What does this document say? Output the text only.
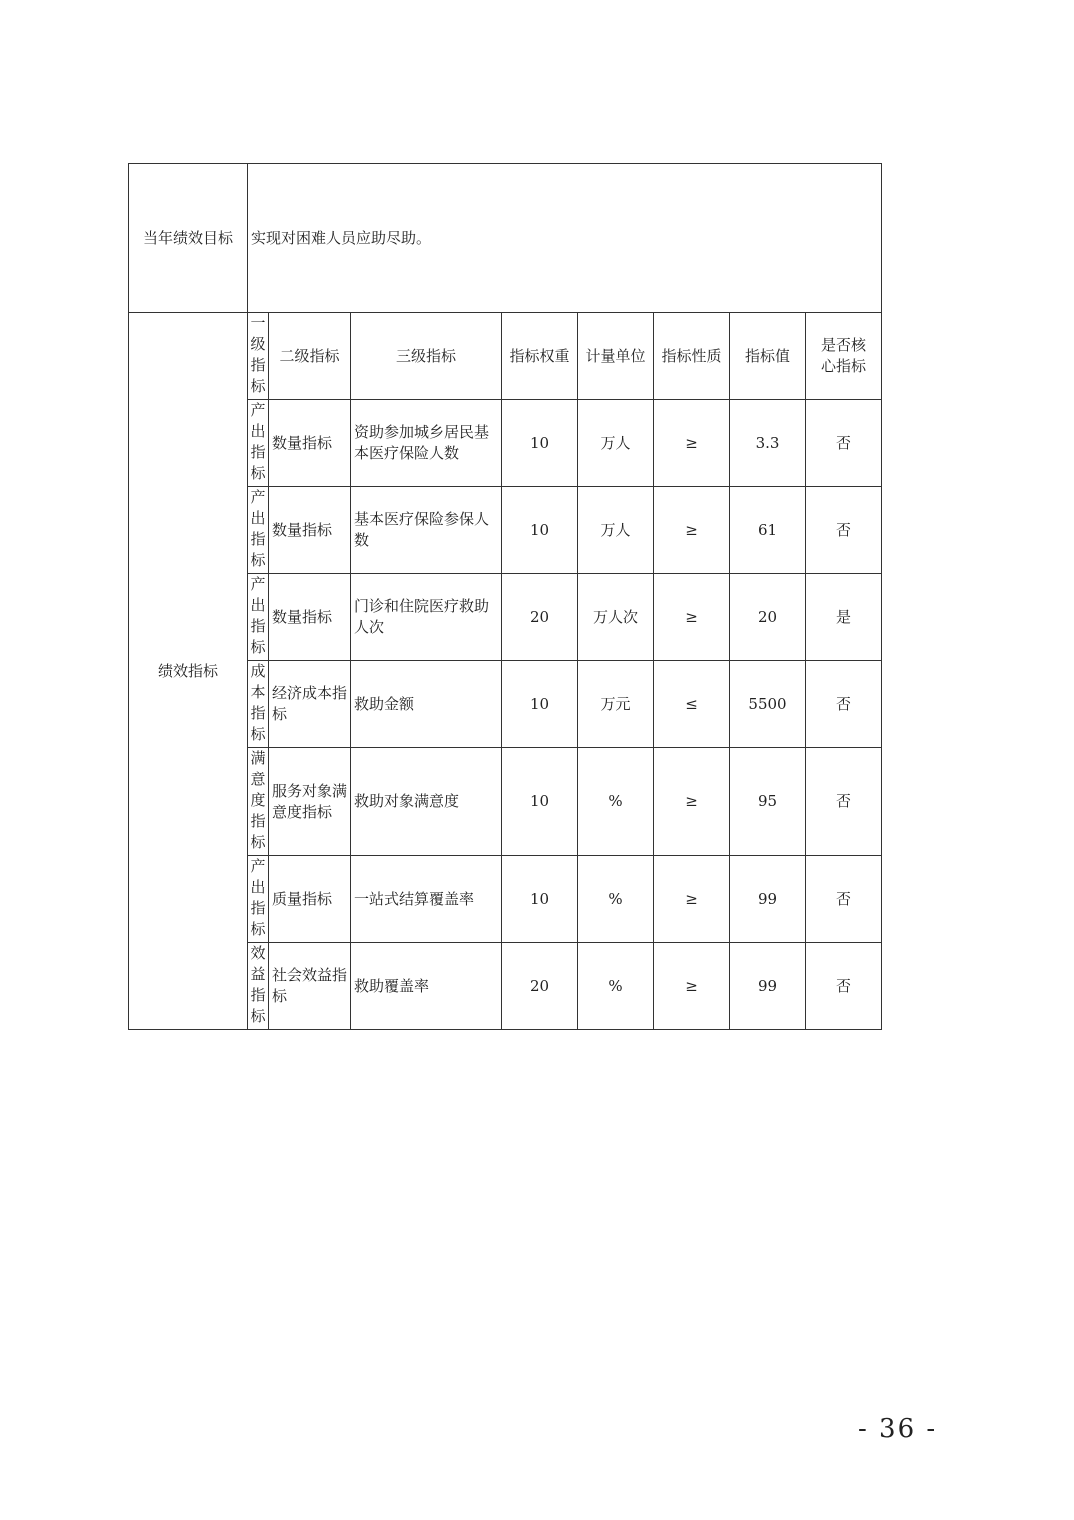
当年绩效目标	实现对困难人员应助尽助。							
绩效指标	一
级
指
标	二级指标	三级指标	指标权重	计量单位	指标性质	指标值	是否核心指标

	产
出
指
标	数量指标	资助参加城乡居民基本医疗保险人数	10	万人	≥	3.3	否

	产
出
指
标	数量指标	基本医疗保险参保人数	10	万人	≥	61	否

	产
出
指
标	数量指标	门诊和住院医疗救助人次	20	万人次	≥	20	是

	成
本
指
标	经济成本指标	救助金额	10	万元	≤	5500	否

	满
意
度
指
标	服务对象满意度指标	救助对象满意度	10	%	≥	95	否

	产
出
指
标	质量指标	一站式结算覆盖率	10	%	≥	99	否

	效
益
指
标	社会效益指标	救助覆盖率	20	%	≥	99	否
- 36 -
